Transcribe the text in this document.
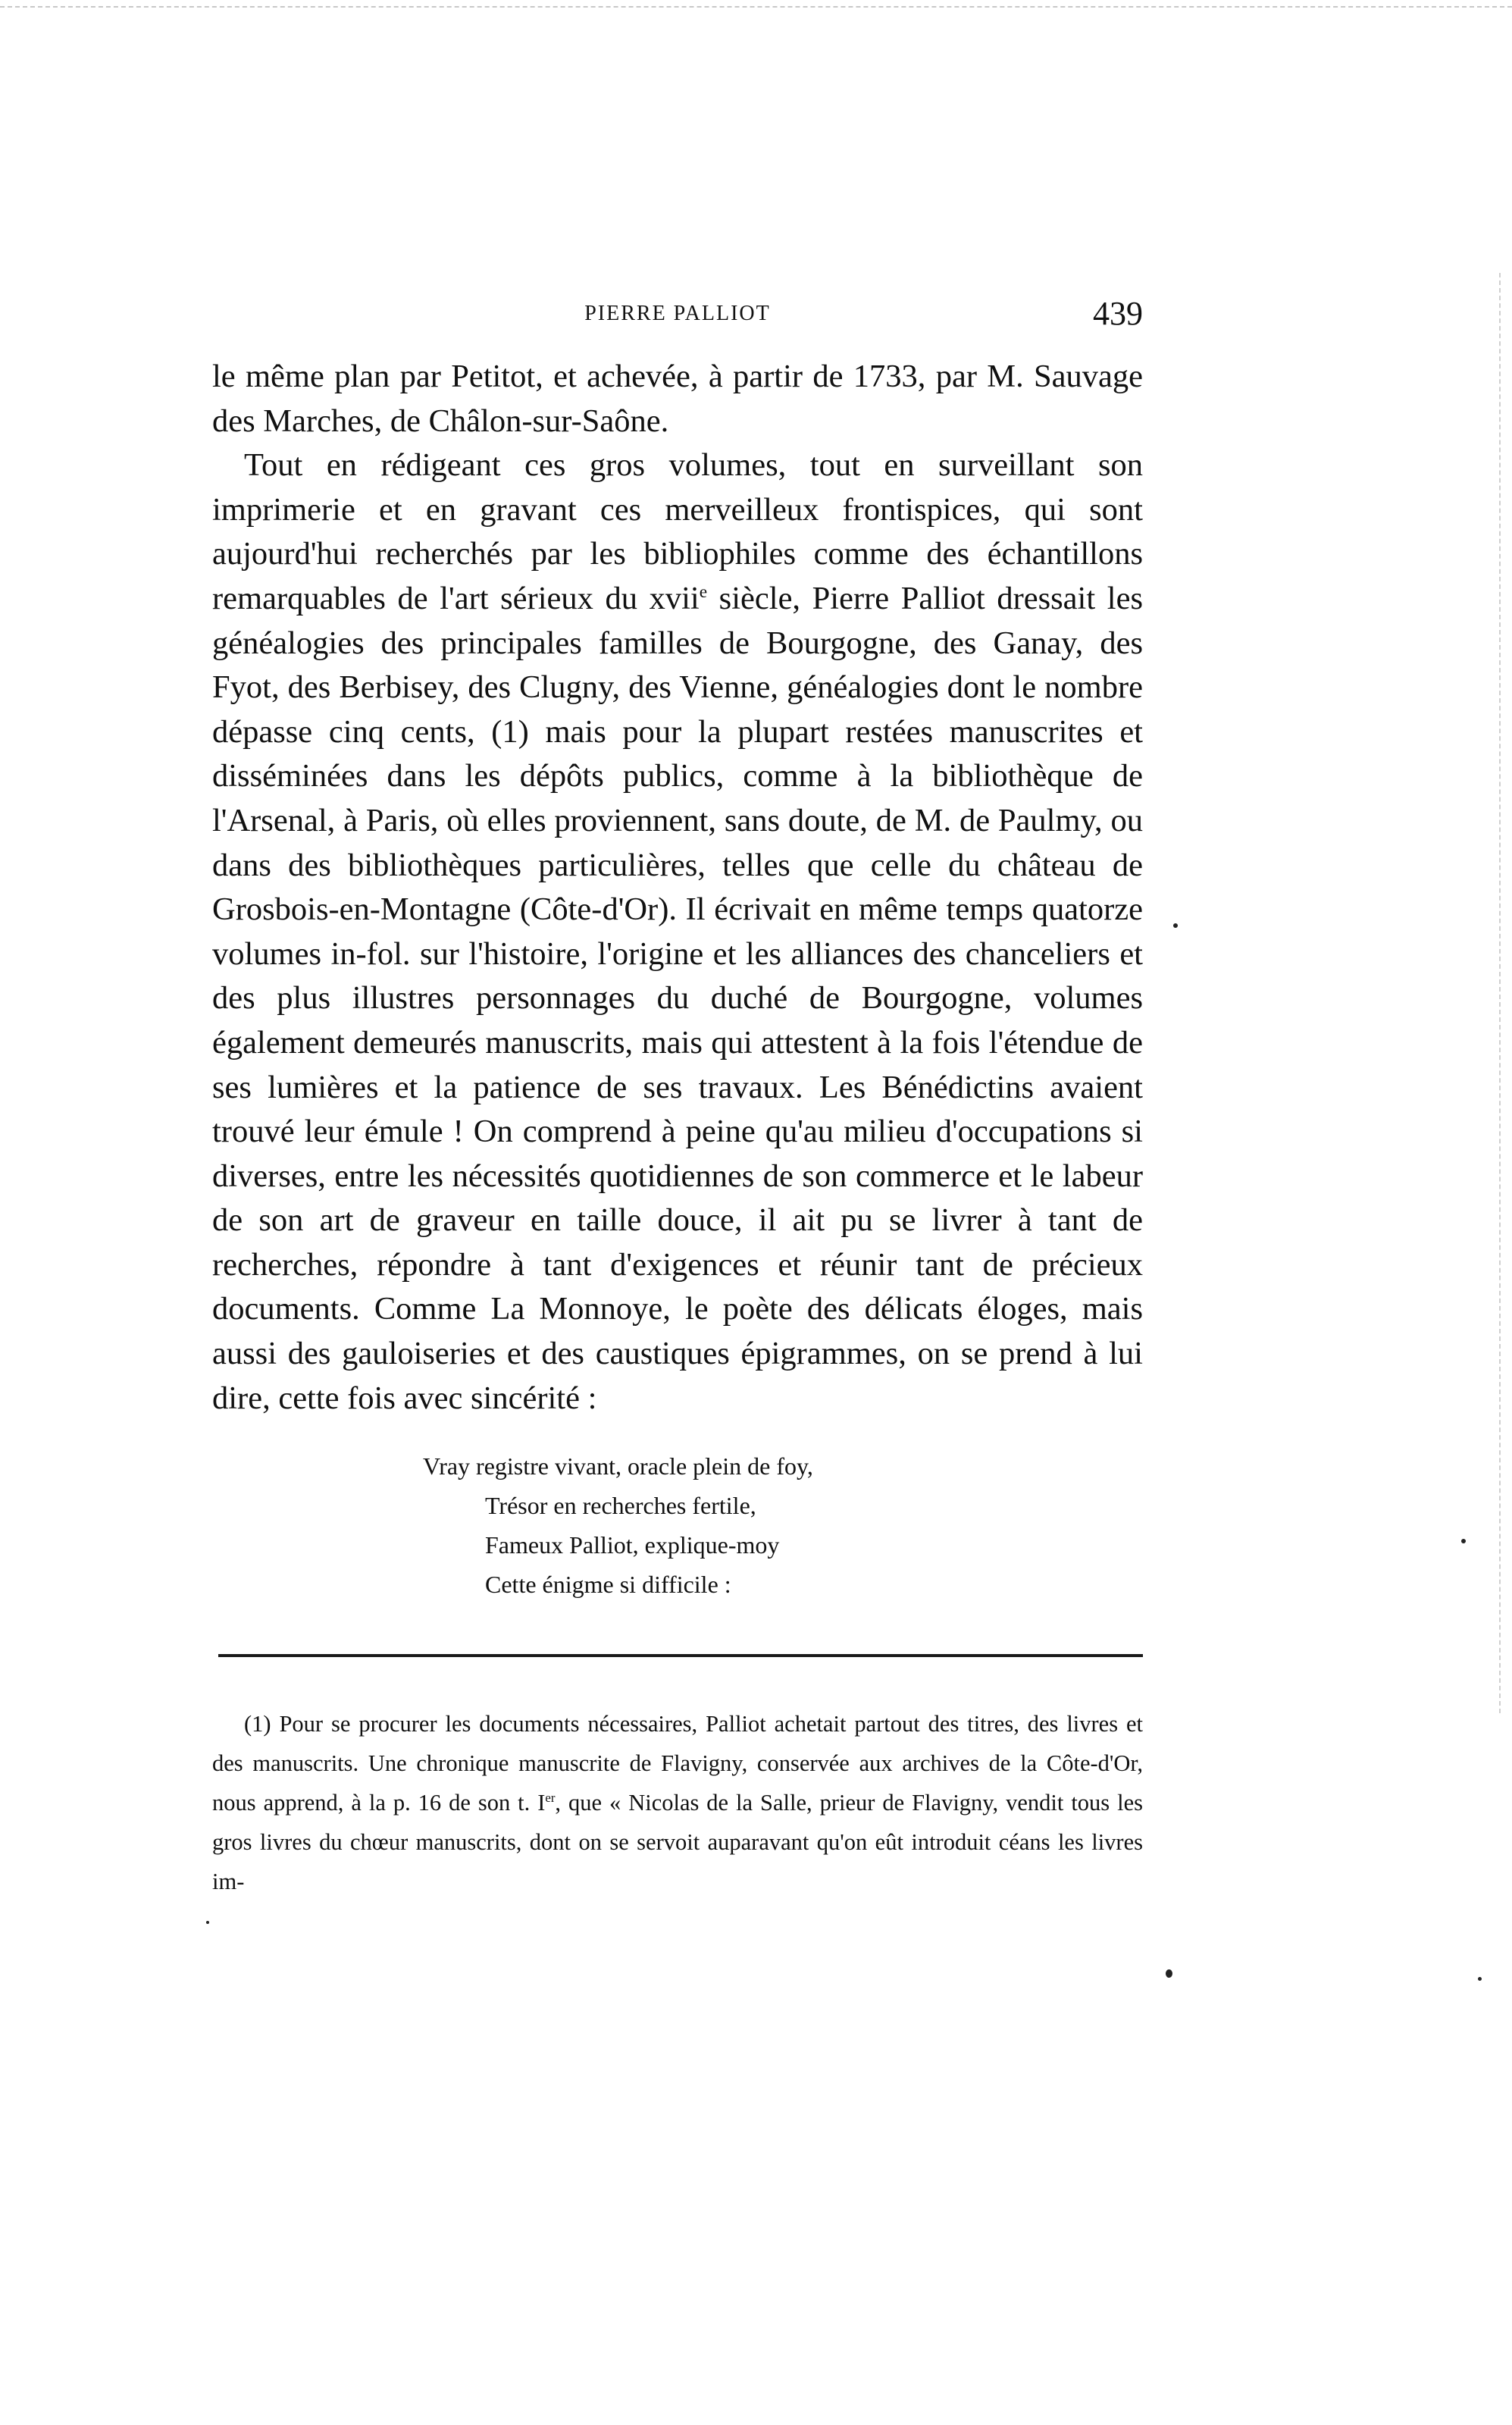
PIERRE PALLIOT	439

le même plan par Petitot, et achevée, à partir de 1733, par M. Sauvage des Marches, de Châlon-sur-Saône.

Tout en rédigeant ces gros volumes, tout en surveillant son imprimerie et en gravant ces merveilleux frontispices, qui sont aujourd'hui recherchés par les bibliophiles comme des échantillons remarquables de l'art sérieux du xvii$^e$ siècle, Pierre Palliot dressait les généalogies des principales familles de Bourgogne, des Ganay, des Fyot, des Berbisey, des Clugny, des Vienne, généalogies dont le nombre dépasse cinq cents, (1) mais pour la plupart restées manuscrites et disséminées dans les dépôts publics, comme à la bibliothèque de l'Arsenal, à Paris, où elles proviennent, sans doute, de M. de Paulmy, ou dans des bibliothèques particulières, telles que celle du château de Grosbois-en-Montagne (Côte-d'Or). Il écrivait en même temps quatorze volumes in-fol. sur l'histoire, l'origine et les alliances des chanceliers et des plus illustres personnages du duché de Bourgogne, volumes également demeurés manuscrits, mais qui attestent à la fois l'étendue de ses lumières et la patience de ses travaux. Les Bénédictins avaient trouvé leur émule ! On comprend à peine qu'au milieu d'occupations si diverses, entre les nécessités quotidiennes de son commerce et le labeur de son art de graveur en taille douce, il ait pu se livrer à tant de recherches, répondre à tant d'exigences et réunir tant de précieux documents. Comme La Monnoye, le poète des délicats éloges, mais aussi des gauloiseries et des caustiques épigrammes, on se prend à lui dire, cette fois avec sincérité :

Vray registre vivant, oracle plein de foy,
Trésor en recherches fertile,
Fameux Palliot, explique-moy
Cette énigme si difficile :

(1) Pour se procurer les documents nécessaires, Palliot achetait partout des titres, des livres et des manuscrits. Une chronique manuscrite de Flavigny, conservée aux archives de la Côte-d'Or, nous apprend, à la p. 16 de son t. Ier, que « Nicolas de la Salle, prieur de Flavigny, vendit tous les gros livres du chœur manuscrits, dont on se servoit auparavant qu'on eût introduit céans les livres im-
